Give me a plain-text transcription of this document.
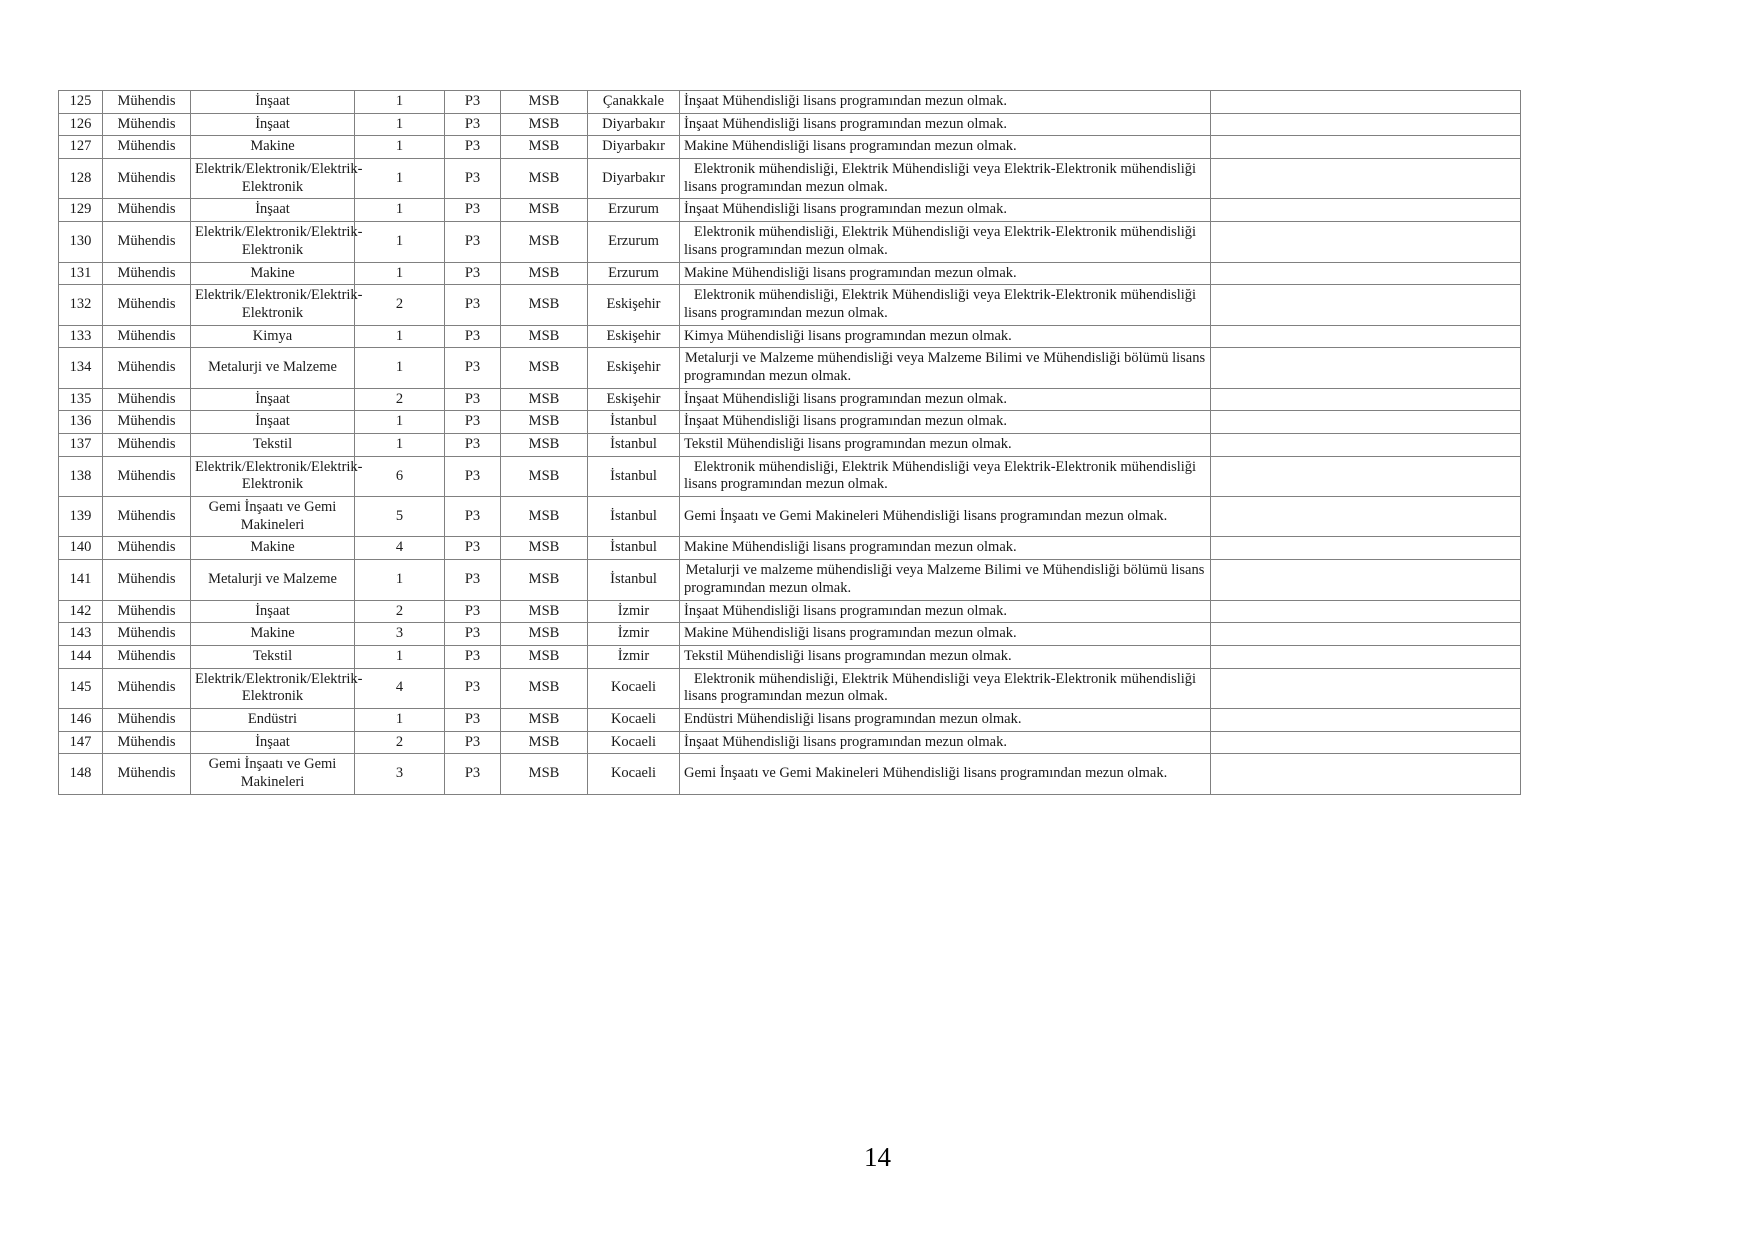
125	Mühendis	İnşaat	1	P3	MSB	Çanakkale	İnşaat Mühendisliği lisans programından mezun olmak.	
126	Mühendis	İnşaat	1	P3	MSB	Diyarbakır	İnşaat Mühendisliği lisans programından mezun olmak.	
127	Mühendis	Makine	1	P3	MSB	Diyarbakır	Makine Mühendisliği lisans programından mezun olmak.	
128	Mühendis	Elektrik/Elektronik/Elektrik-Elektronik	1	P3	MSB	Diyarbakır	Elektronik mühendisliği, Elektrik Mühendisliği veya Elektrik-Elektronik mühendisliği lisans programından mezun olmak.	
129	Mühendis	İnşaat	1	P3	MSB	Erzurum	İnşaat Mühendisliği lisans programından mezun olmak.	
130	Mühendis	Elektrik/Elektronik/Elektrik-Elektronik	1	P3	MSB	Erzurum	Elektronik mühendisliği, Elektrik Mühendisliği veya Elektrik-Elektronik mühendisliği lisans programından mezun olmak.	
131	Mühendis	Makine	1	P3	MSB	Erzurum	Makine Mühendisliği lisans programından mezun olmak.	
132	Mühendis	Elektrik/Elektronik/Elektrik-Elektronik	2	P3	MSB	Eskişehir	Elektronik mühendisliği, Elektrik Mühendisliği veya Elektrik-Elektronik mühendisliği lisans programından mezun olmak.	
133	Mühendis	Kimya	1	P3	MSB	Eskişehir	Kimya Mühendisliği lisans programından mezun olmak.	
134	Mühendis	Metalurji ve Malzeme	1	P3	MSB	Eskişehir	Metalurji ve Malzeme mühendisliği veya Malzeme Bilimi ve Mühendisliği bölümü lisans programından mezun olmak.	
135	Mühendis	İnşaat	2	P3	MSB	Eskişehir	İnşaat Mühendisliği lisans programından mezun olmak.	
136	Mühendis	İnşaat	1	P3	MSB	İstanbul	İnşaat Mühendisliği lisans programından mezun olmak.	
137	Mühendis	Tekstil	1	P3	MSB	İstanbul	Tekstil Mühendisliği lisans programından mezun olmak.	
138	Mühendis	Elektrik/Elektronik/Elektrik-Elektronik	6	P3	MSB	İstanbul	Elektronik mühendisliği, Elektrik Mühendisliği veya Elektrik-Elektronik mühendisliği lisans programından mezun olmak.	
139	Mühendis	Gemi İnşaatı ve Gemi Makineleri	5	P3	MSB	İstanbul	Gemi İnşaatı ve Gemi Makineleri Mühendisliği lisans programından mezun olmak.	
140	Mühendis	Makine	4	P3	MSB	İstanbul	Makine Mühendisliği lisans programından mezun olmak.	
141	Mühendis	Metalurji ve Malzeme	1	P3	MSB	İstanbul	Metalurji ve malzeme mühendisliği veya Malzeme Bilimi ve Mühendisliği bölümü lisans programından mezun olmak.	
142	Mühendis	İnşaat	2	P3	MSB	İzmir	İnşaat Mühendisliği lisans programından mezun olmak.	
143	Mühendis	Makine	3	P3	MSB	İzmir	Makine Mühendisliği lisans programından mezun olmak.	
144	Mühendis	Tekstil	1	P3	MSB	İzmir	Tekstil Mühendisliği lisans programından mezun olmak.	
145	Mühendis	Elektrik/Elektronik/Elektrik-Elektronik	4	P3	MSB	Kocaeli	Elektronik mühendisliği, Elektrik Mühendisliği veya Elektrik-Elektronik mühendisliği lisans programından mezun olmak.	
146	Mühendis	Endüstri	1	P3	MSB	Kocaeli	Endüstri Mühendisliği lisans programından mezun olmak.	
147	Mühendis	İnşaat	2	P3	MSB	Kocaeli	İnşaat Mühendisliği lisans programından mezun olmak.	
148	Mühendis	Gemi İnşaatı ve Gemi Makineleri	3	P3	MSB	Kocaeli	Gemi İnşaatı ve Gemi Makineleri Mühendisliği lisans programından mezun olmak.	
14
